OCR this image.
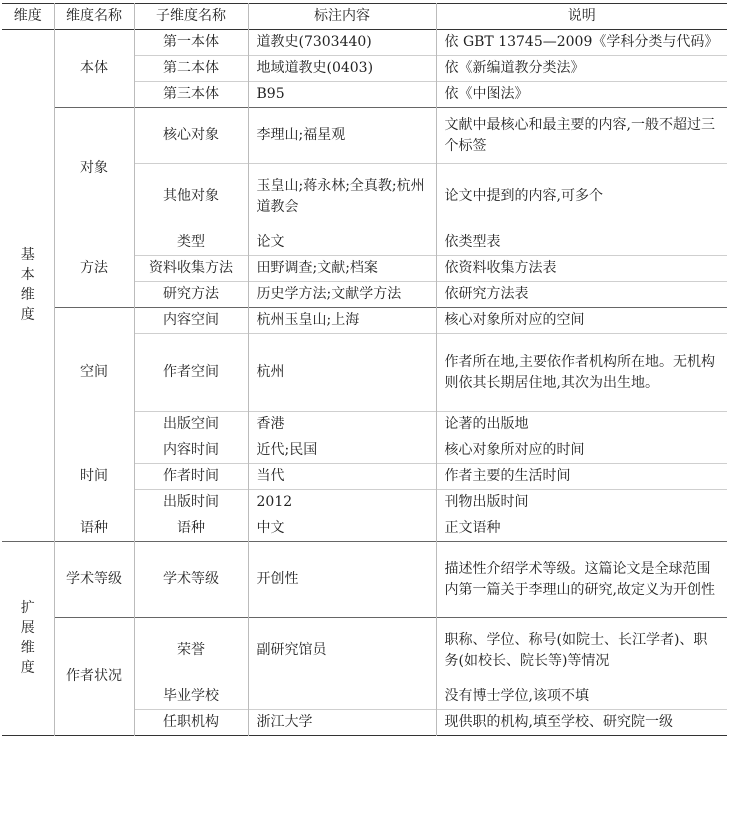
维度	维度名称	子维度名称	标注内容	说明
基本维度	本体	第一本体	道教史(7303440)	依 GBT 13745—2009《学科分类与代码》
		第二本体	地域道教史(0403)	依《新编道教分类法》
		第三本体	B95	依《中图法》
	对象	核心对象	李理山;福星观	文献中最核心和最主要的内容,一般不超过三个标签
		其他对象	玉皇山;蒋永林;全真教;杭州道教会	论文中提到的内容,可多个
	方法	类型	论文	依类型表
		资料收集方法	田野调查;文献;档案	依资料收集方法表
		研究方法	历史学方法;文献学方法	依研究方法表
	空间	内容空间	杭州玉皇山;上海	核心对象所对应的空间
		作者空间	杭州	作者所在地,主要依作者机构所在地。无机构则依其长期居住地,其次为出生地。
		出版空间	香港	论著的出版地
	时间	内容时间	近代;民国	核心对象所对应的时间
		作者时间	当代	作者主要的生活时间
		出版时间	2012	刊物出版时间
	语种	语种	中文	正文语种
扩展维度	学术等级	学术等级	开创性	描述性介绍学术等级。这篇论文是全球范围内第一篇关于李理山的研究,故定义为开创性
	作者状况	荣誉	副研究馆员	职称、学位、称号(如院士、长江学者)、职务(如校长、院长等)等情况
		毕业学校		没有博士学位,该项不填
		任职机构	浙江大学	现供职的机构,填至学校、研究院一级
